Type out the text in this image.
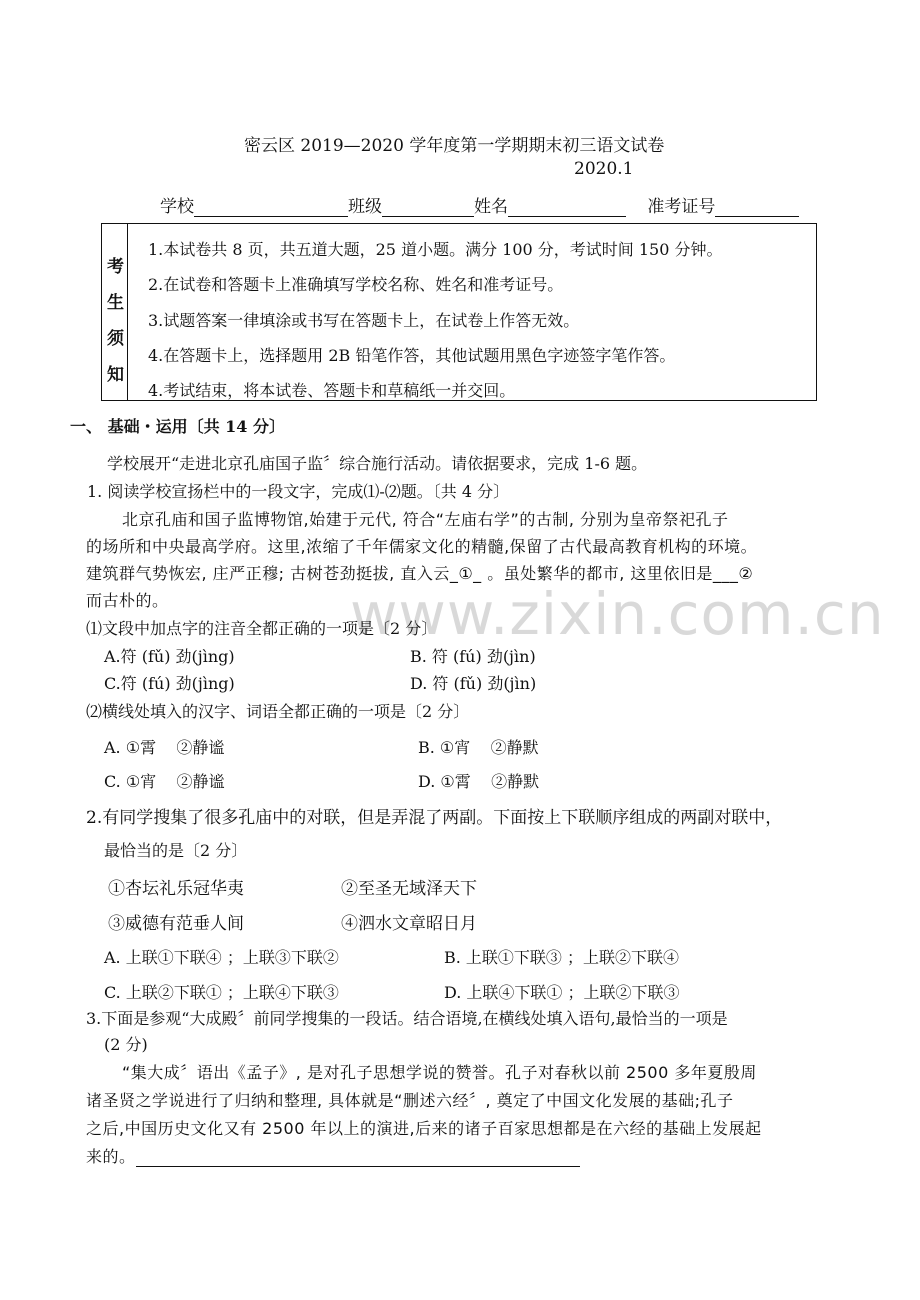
www.zixin.com.cn
密云区 2019—2020 学年度第一学期期末初三语文试卷
2020.1
学校	班级	姓名	准考证号
考
生
须
知
1.本试卷共 8 页，共五道大题，25 道小题。满分 100 分，考试时间 150 分钟。
2.在试卷和答题卡上准确填写学校名称、姓名和准考证号。
3.试题答案一律填涂或书写在答题卡上，在试卷上作答无效。
4.在答题卡上，选择题用 2B 铅笔作答，其他试题用黑色字迹签字笔作答。
4.考试结束，将本试卷、答题卡和草稿纸一并交回。
一、 基础・运用〔共 14 分〕
学校展开“走进北京孔庙国子监〞综合施行活动。请依据要求，完成 1-6 题。
1. 阅读学校宣扬栏中的一段文字，完成⑴-⑵题。〔共 4 分〕
北京孔庙和国子监博物馆,始建于元代, 符合“左庙右学”的古制, 分别为皇帝祭祀孔子
的场所和中央最高学府。这里,浓缩了千年儒家文化的精髓,保留了古代最高教育机构的环境。
建筑群气势恢宏, 庄严正穆; 古树苍劲挺拔, 直入云_①_ 。虽处繁华的都市, 这里依旧是___②
而古朴的。
⑴文段中加点字的注音全都正确的一项是〔2 分〕
A.符 (fǔ) 劲(jìng)	B. 符 (fú) 劲(jìn)
C.符 (fú) 劲(jìng)	D. 符 (fǔ) 劲(jìn)
⑵横线处填入的汉字、词语全都正确的一项是〔2 分〕
A. ①霄    ②静谧	B. ①宵    ②静默
C. ①宵    ②静谧	D. ①霄    ②静默
2.有同学搜集了很多孔庙中的对联，但是弄混了两副。下面按上下联顺序组成的两副对联中，
最恰当的是〔2 分〕
①杏坛礼乐冠华夷	②至圣无域泽天下
③威德有范垂人间	④泗水文章昭日月
A. 上联①下联④ ；上联③下联②	B. 上联①下联③ ；上联②下联④
C. 上联②下联① ；上联④下联③	D. 上联④下联① ；上联②下联③
3.下面是参观“大成殿〞前同学搜集的一段话。结合语境,在横线处填入语句,最恰当的一项是
(2 分)
“集大成〞语出《孟子》, 是对孔子思想学说的赞誉。孔子对春秋以前 2500 多年夏殷周
诸圣贤之学说进行了归纳和整理, 具体就是“删述六经〞, 奠定了中国文化发展的基础;孔子
之后,中国历史文化又有 2500 年以上的演进,后来的诸子百家思想都是在六经的基础上发展起
来的。
